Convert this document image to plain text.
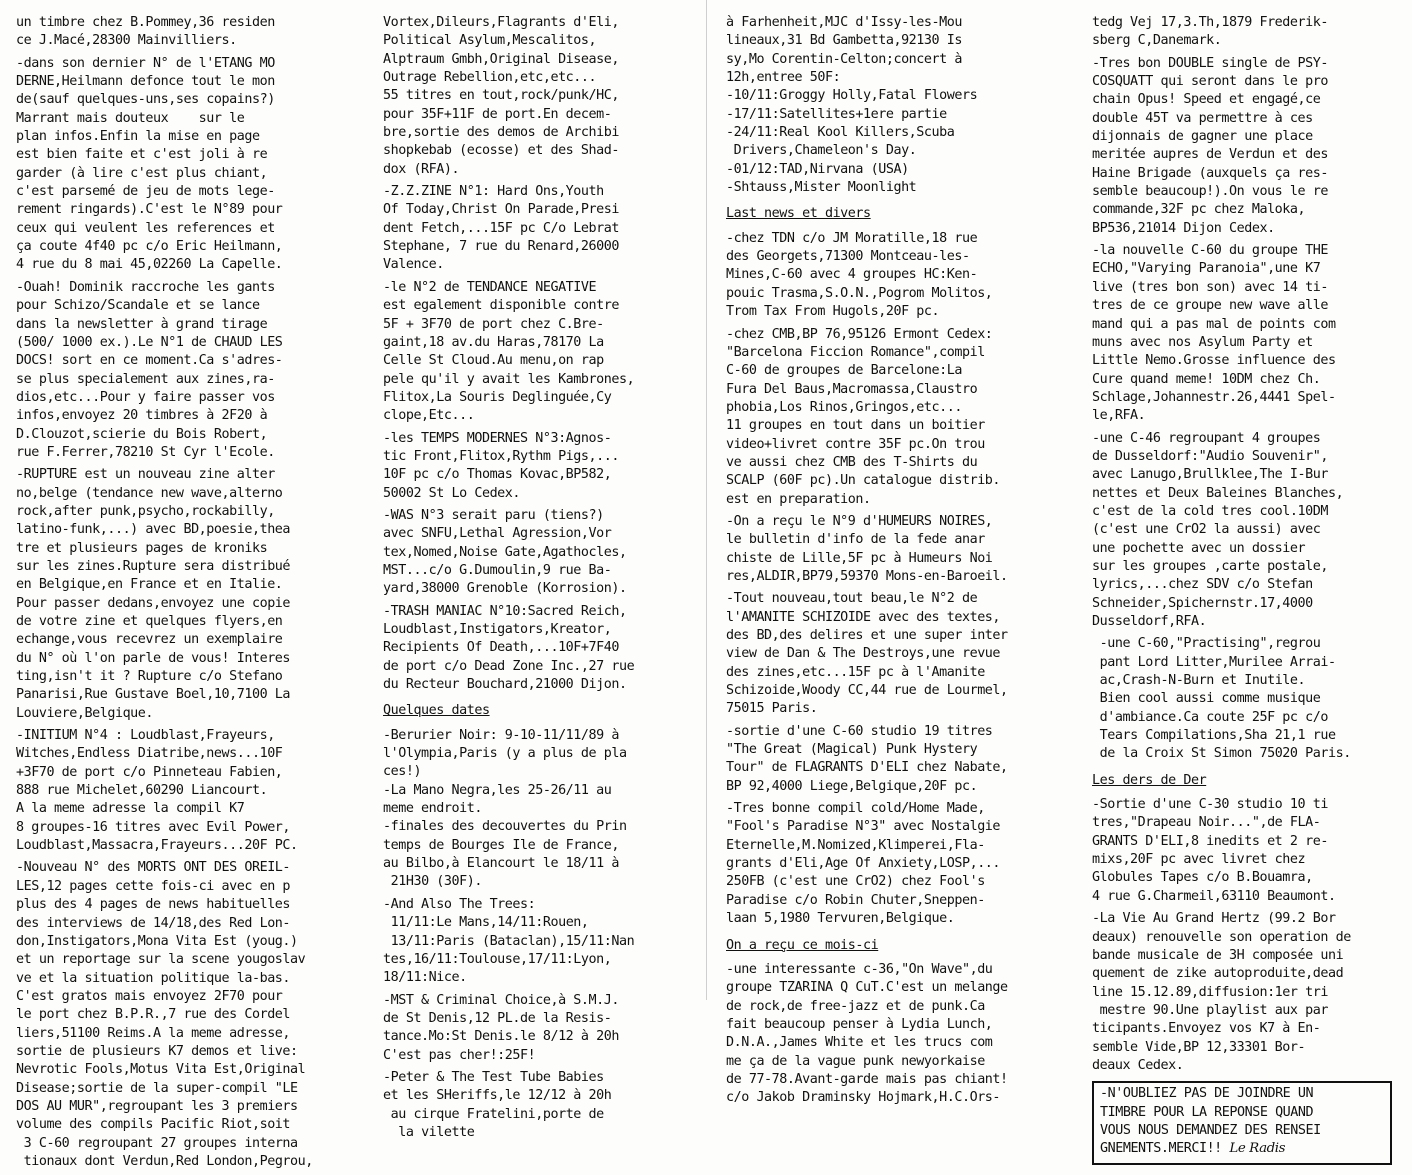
un timbre chez B.Pommey,36 residen
ce J.Macé,28300 Mainvilliers.

-dans son dernier N° de l'ETANG MO
DERNE,Heilmann defonce tout le mon
de(sauf quelques-uns,ses copains?)
Marrant mais douteux    sur le
plan infos.Enfin la mise en page
est bien faite et c'est joli à re
garder (à lire c'est plus chiant,
c'est parsemé de jeu de mots lege-
rement ringards).C'est le N°89 pour
ceux qui veulent les references et
ça coute 4f40 pc c/o Eric Heilmann,
4 rue du 8 mai 45,02260 La Capelle.

-Ouah! Dominik raccroche les gants
pour Schizo/Scandale et se lance
dans la newsletter à grand tirage
(500/ 1000 ex.).Le N°1 de CHAUD LES
DOCS! sort en ce moment.Ca s'adres-
se plus specialement aux zines,ra-
dios,etc...Pour y faire passer vos
infos,envoyez 20 timbres à 2F20 à
D.Clouzot,scierie du Bois Robert,
rue F.Ferrer,78210 St Cyr l'Ecole.

-RUPTURE est un nouveau zine alter
no,belge (tendance new wave,alterno
rock,after punk,psycho,rockabilly,
latino-funk,...) avec BD,poesie,thea
tre et plusieurs pages de kroniks
sur les zines.Rupture sera distribué
en Belgique,en France et en Italie.
Pour passer dedans,envoyez une copie
de votre zine et quelques flyers,en
echange,vous recevrez un exemplaire
du N° où l'on parle de vous! Interes
ting,isn't it ? Rupture c/o Stefano
Panarisi,Rue Gustave Boel,10,7100 La
Louviere,Belgique.

-INITIUM N°4 : Loudblast,Frayeurs,
Witches,Endless Diatribe,news...10F
+3F70 de port c/o Pinneteau Fabien,
888 rue Michelet,60290 Liancourt.
A la meme adresse la compil K7
8 groupes-16 titres avec Evil Power,
Loudblast,Massacra,Frayeurs...20F PC.

-Nouveau N° des MORTS ONT DES OREIL-
LES,12 pages cette fois-ci avec en p
plus des 4 pages de news habituelles
des interviews de 14/18,des Red Lon-
don,Instigators,Mona Vita Est (youg.)
et un reportage sur la scene yougoslav
ve et la situation politique la-bas.
C'est gratos mais envoyez 2F70 pour
le port chez B.P.R.,7 rue des Cordel
liers,51100 Reims.A la meme adresse,
sortie de plusieurs K7 demos et live:
Nevrotic Fools,Motus Vita Est,Original
Disease;sortie de la super-compil "LE
DOS AU MUR",regroupant les 3 premiers
volume des compils Pacific Riot,soit
3 C-60 regroupant 27 groupes interna
tionaux dont Verdun,Red London,Pegrou,

Vortex,Dileurs,Flagrants d'Eli,
Political Asylum,Mescalitos,
Alptraum Gmbh,Original Disease,
Outrage Rebellion,etc,etc...
55 titres en tout,rock/punk/HC,
pour 35F+11F de port.En decem-
bre,sortie des demos de Archibi
shopkebab (ecosse) et des Shad-
dox (RFA).

-Z.Z.ZINE N°1: Hard Ons,Youth
Of Today,Christ On Parade,Presi
dent Fetch,...15F pc C/o Lebrat
Stephane, 7 rue du Renard,26000
Valence.

-le N°2 de TENDANCE NEGATIVE
est egalement disponible contre
5F + 3F70 de port chez C.Bre-
gaint,18 av.du Haras,78170 La
Celle St Cloud.Au menu,on rap
pele qu'il y avait les Kambrones,
Flitox,La Souris Deglinguée,Cy
clope,Etc...

-les TEMPS MODERNES N°3:Agnos-
tic Front,Flitox,Rythm Pigs,...
10F pc c/o Thomas Kovac,BP582,
50002 St Lo Cedex.

-WAS N°3 serait paru (tiens?)
avec SNFU,Lethal Agression,Vor
tex,Nomed,Noise Gate,Agathocles,
MST...c/o G.Dumoulin,9 rue Ba-
yard,38000 Grenoble (Korrosion).

-TRASH MANIAC N°10:Sacred Reich,
Loudblast,Instigators,Kreator,
Recipients Of Death,...10F+7F40
de port c/o Dead Zone Inc.,27 rue
du Recteur Bouchard,21000 Dijon.

Quelques dates

-Berurier Noir: 9-10-11/11/89 à
l'Olympia,Paris (y a plus de pla
ces!)
-La Mano Negra,les 25-26/11 au
meme endroit.
-finales des decouvertes du Prin
temps de Bourges Ile de France,
au Bilbo,à Elancourt le 18/11 à
21H30 (30F).

-And Also The Trees:
11/11:Le Mans,14/11:Rouen,
13/11:Paris (Bataclan),15/11:Nan
tes,16/11:Toulouse,17/11:Lyon,
18/11:Nice.

-MST & Criminal Choice,à S.M.J.
de St Denis,12 PL.de la Resis-
tance.Mo:St Denis.le 8/12 à 20h
C'est pas cher!:25F!

-Peter & The Test Tube Babies
et les SHeriffs,le 12/12 à 20h
au cirque Fratelini,porte de
la vilette

à Farhenheit,MJC d'Issy-les-Mou
lineaux,31 Bd Gambetta,92130 Is
sy,Mo Corentin-Celton;concert à
12h,entree 50F:
-10/11:Groggy Holly,Fatal Flowers
-17/11:Satellites+1ere partie
-24/11:Real Kool Killers,Scuba
Drivers,Chameleon's Day.
-01/12:TAD,Nirvana (USA)
-Shtauss,Mister Moonlight

Last news et divers

-chez TDN c/o JM Moratille,18 rue
des Georgets,71300 Montceau-les-
Mines,C-60 avec 4 groupes HC:Ken-
pouic Trasma,S.O.N.,Pogrom Molitos,
Trom Tax From Hugols,20F pc.

-chez CMB,BP 76,95126 Ermont Cedex:
"Barcelona Ficcion Romance",compil
C-60 de groupes de Barcelone:La
Fura Del Baus,Macromassa,Claustro
phobia,Los Rinos,Gringos,etc...
11 groupes en tout dans un boitier
video+livret contre 35F pc.On trou
ve aussi chez CMB des T-Shirts du
SCALP (60F pc).Un catalogue distrib.
est en preparation.

-On a reçu le N°9 d'HUMEURS NOIRES,
le bulletin d'info de la fede anar
chiste de Lille,5F pc à Humeurs Noi
res,ALDIR,BP79,59370 Mons-en-Baroeil.

-Tout nouveau,tout beau,le N°2 de
l'AMANITE SCHIZOIDE avec des textes,
des BD,des delires et une super inter
view de Dan & The Destroys,une revue
des zines,etc...15F pc à l'Amanite
Schizoide,Woody CC,44 rue de Lourmel,
75015 Paris.

-sortie d'une C-60 studio 19 titres
"The Great (Magical) Punk Hystery
Tour" de FLAGRANTS D'ELI chez Nabate,
BP 92,4000 Liege,Belgique,20F pc.

-Tres bonne compil cold/Home Made,
"Fool's Paradise N°3" avec Nostalgie
Eternelle,M.Nomized,Klimperei,Fla-
grants d'Eli,Age Of Anxiety,LOSP,...
250FB (c'est une CrO2) chez Fool's
Paradise c/o Robin Chuter,Sneppen-
laan 5,1980 Tervuren,Belgique.

On a reçu ce mois-ci

-une interessante c-36,"On Wave",du
groupe TZARINA Q CuT.C'est un melange
de rock,de free-jazz et de punk.Ca
fait beaucoup penser à Lydia Lunch,
D.N.A.,James White et les trucs com
me ça de la vague punk newyorkaise
de 77-78.Avant-garde mais pas chiant!
c/o Jakob Draminsky Hojmark,H.C.Ors-

tedg Vej 17,3.Th,1879 Frederik-
sberg C,Danemark.

-Tres bon DOUBLE single de PSY-
COSQUATT qui seront dans le pro
chain Opus! Speed et engagé,ce
double 45T va permettre à ces
dijonnais de gagner une place
meritée aupres de Verdun et des
Haine Brigade (auxquels ça res-
semble beaucoup!).On vous le re
commande,32F pc chez Maloka,
BP536,21014 Dijon Cedex.

-la nouvelle C-60 du groupe THE
ECHO,"Varying Paranoia",une K7
live (tres bon son) avec 14 ti-
tres de ce groupe new wave alle
mand qui a pas mal de points com
muns avec nos Asylum Party et
Little Nemo.Grosse influence des
Cure quand meme! 10DM chez Ch.
Schlage,Johannestr.26,4441 Spel-
le,RFA.

-une C-46 regroupant 4 groupes
de Dusseldorf:"Audio Souvenir",
avec Lanugo,Brullklee,The I-Bur
nettes et Deux Baleines Blanches,
c'est de la cold tres cool.10DM
(c'est une CrO2 la aussi) avec
une pochette avec un dossier
sur les groupes ,carte postale,
lyrics,...chez SDV c/o Stefan
Schneider,Spichernstr.17,4000
Dusseldorf,RFA.

-une C-60,"Practising",regrou
pant Lord Litter,Murilee Arrai-
ac,Crash-N-Burn et Inutile.
Bien cool aussi comme musique
d'ambiance.Ca coute 25F pc c/o
Tears Compilations,Sha 21,1 rue
de la Croix St Simon 75020 Paris.

Les ders de Der

-Sortie d'une C-30 studio 10 ti
tres,"Drapeau Noir...",de FLA-
GRANTS D'ELI,8 inedits et 2 re-
mixs,20F pc avec livret chez
Globules Tapes c/o B.Bouamra,
4 rue G.Charmeil,63110 Beaumont.

-La Vie Au Grand Hertz (99.2 Bor
deaux) renouvelle son operation de
bande musicale de 3H composée uni
quement de zike autoproduite,dead
line 15.12.89,diffusion:1er tri
mestre 90.Une playlist aux par
ticipants.Envoyez vos K7 à En-
semble Vide,BP 12,33301 Bor-
deaux Cedex.

-N'OUBLIEZ PAS DE JOINDRE UN
TIMBRE POUR LA REPONSE QUAND
VOUS NOUS DEMANDEZ DES RENSEI
GNEMENTS.MERCI!! Le Radis
